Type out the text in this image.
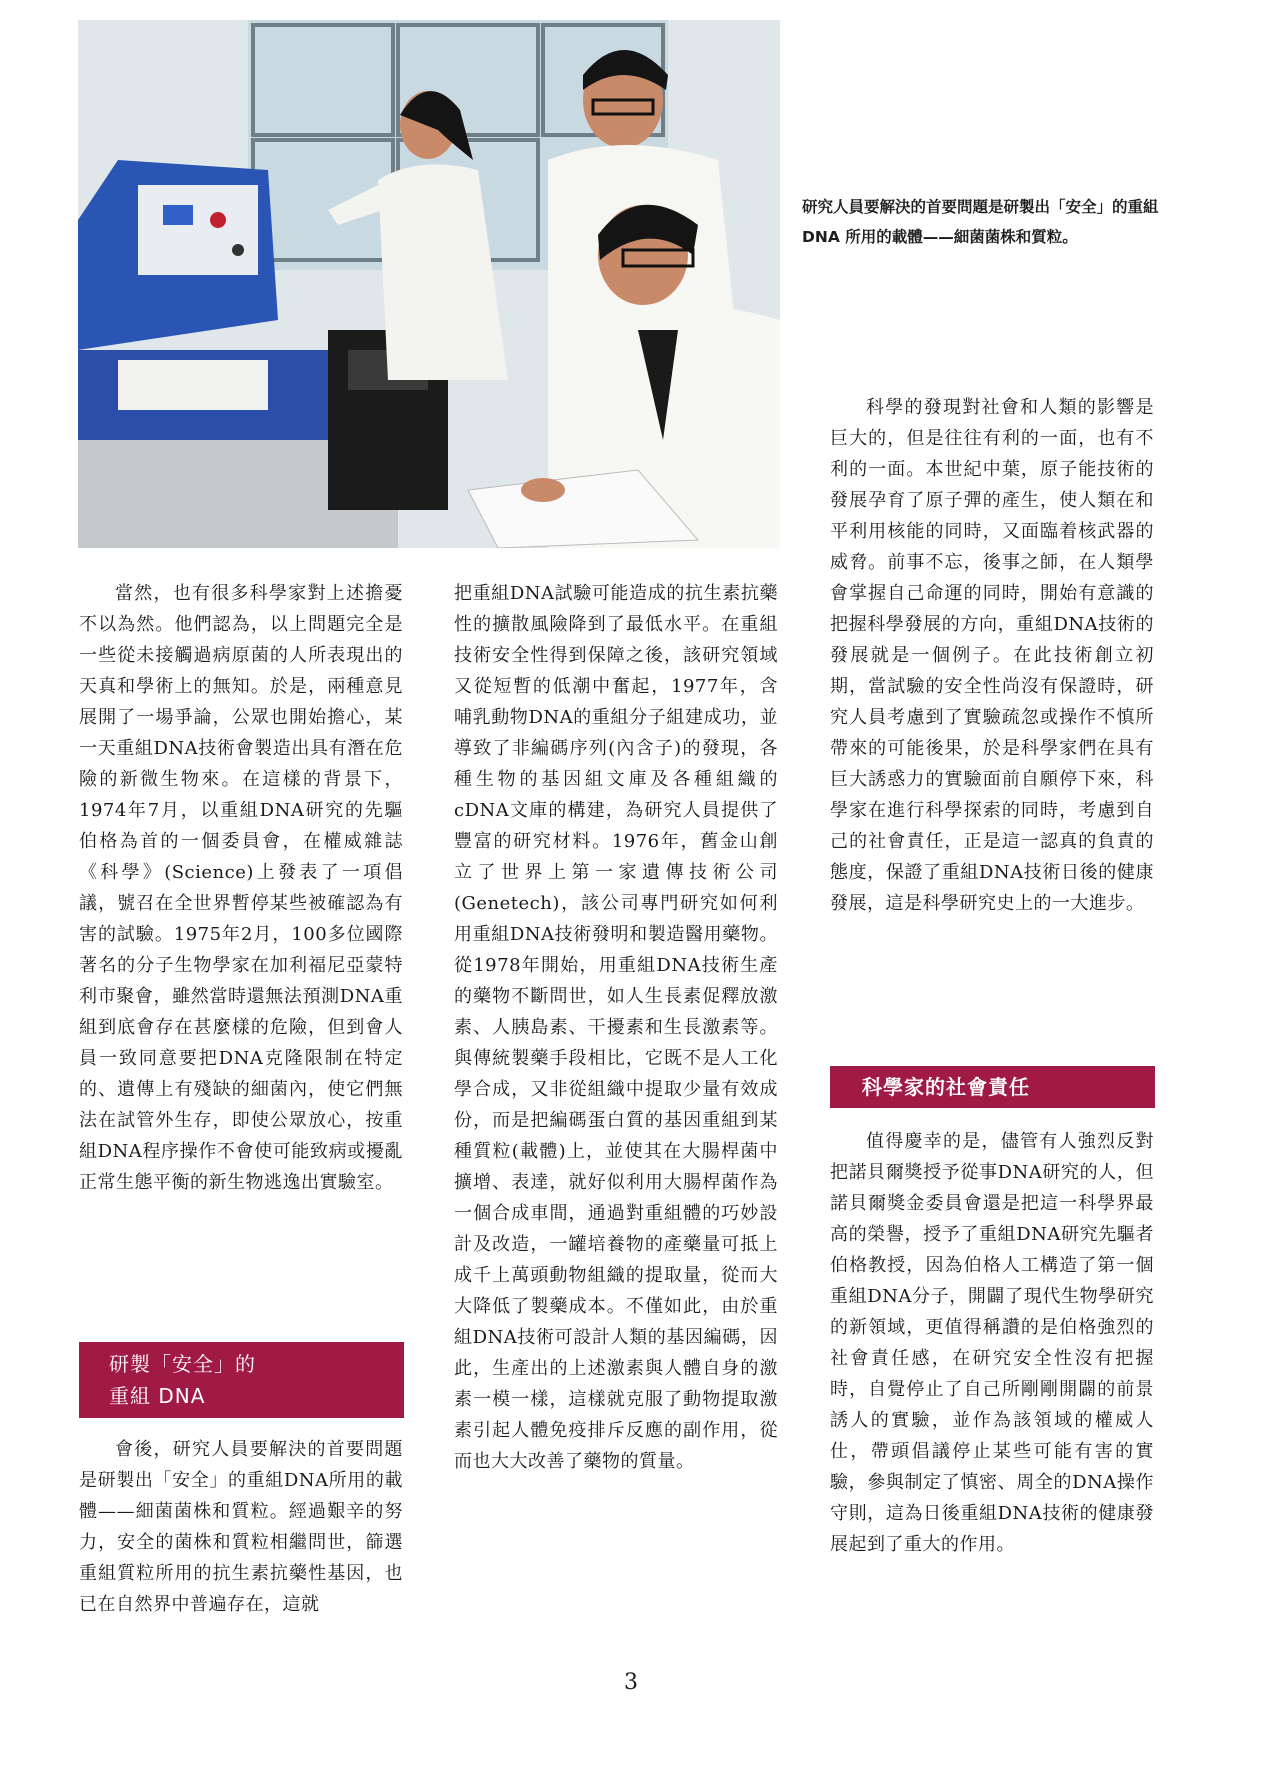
研究人員要解決的首要問題是研製出「安全」的重組 DNA 所用的載體——細菌菌株和質粒。

科學的發現對社會和人類的影響是巨大的，但是往往有利的一面，也有不利的一面。本世紀中葉，原子能技術的發展孕育了原子彈的產生，使人類在和平利用核能的同時，又面臨着核武器的威脅。前事不忘，後事之師，在人類學會掌握自己命運的同時，開始有意識的把握科學發展的方向，重組DNA技術的發展就是一個例子。在此技術創立初期，當試驗的安全性尚沒有保證時，研究人員考慮到了實驗疏忽或操作不慎所帶來的可能後果，於是科學家們在具有巨大誘惑力的實驗面前自願停下來，科學家在進行科學探索的同時，考慮到自己的社會責任，正是這一認真的負責的態度，保證了重組DNA技術日後的健康發展，這是科學研究史上的一大進步。

當然，也有很多科學家對上述擔憂不以為然。他們認為，以上問題完全是一些從未接觸過病原菌的人所表現出的天真和學術上的無知。於是，兩種意見展開了一場爭論，公眾也開始擔心，某一天重組DNA技術會製造出具有潛在危險的新微生物來。在這樣的背景下，1974年7月，以重組DNA研究的先驅伯格為首的一個委員會，在權威雜誌《科學》(Science)上發表了一項倡議，號召在全世界暫停某些被確認為有害的試驗。1975年2月，100多位國際著名的分子生物學家在加利福尼亞蒙特利市聚會，雖然當時還無法預測DNA重組到底會存在甚麼樣的危險，但到會人員一致同意要把DNA克隆限制在特定的、遺傳上有殘缺的細菌內，使它們無法在試管外生存，即使公眾放心，按重組DNA程序操作不會使可能致病或擾亂正常生態平衡的新生物逃逸出實驗室。

研製「安全」的
重組 DNA

會後，研究人員要解決的首要問題是研製出「安全」的重組DNA所用的載體——細菌菌株和質粒。經過艱辛的努力，安全的菌株和質粒相繼問世，篩選重組質粒所用的抗生素抗藥性基因，也已在自然界中普遍存在，這就

把重組DNA試驗可能造成的抗生素抗藥性的擴散風險降到了最低水平。在重組技術安全性得到保障之後，該研究領域又從短暫的低潮中奮起，1977年，含哺乳動物DNA的重組分子組建成功，並導致了非編碼序列(內含子)的發現，各種生物的基因組文庫及各種組織的cDNA文庫的構建，為研究人員提供了豐富的研究材料。1976年，舊金山創立了世界上第一家遺傳技術公司(Genetech)，該公司專門研究如何利用重組DNA技術發明和製造醫用藥物。從1978年開始，用重組DNA技術生產的藥物不斷問世，如人生長素促釋放激素、人胰島素、干擾素和生長激素等。與傳統製藥手段相比，它既不是人工化學合成，又非從組織中提取少量有效成份，而是把編碼蛋白質的基因重組到某種質粒(載體)上，並使其在大腸桿菌中擴增、表達，就好似利用大腸桿菌作為一個合成車間，通過對重組體的巧妙設計及改造，一罐培養物的產藥量可抵上成千上萬頭動物組織的提取量，從而大大降低了製藥成本。不僅如此，由於重組DNA技術可設計人類的基因編碼，因此，生產出的上述激素與人體自身的激素一模一樣，這樣就克服了動物提取激素引起人體免疫排斥反應的副作用，從而也大大改善了藥物的質量。

科學家的社會責任

值得慶幸的是，儘管有人強烈反對把諾貝爾獎授予從事DNA研究的人，但諾貝爾獎金委員會還是把這一科學界最高的榮譽，授予了重組DNA研究先驅者伯格教授，因為伯格人工構造了第一個重組DNA分子，開闢了現代生物學研究的新領域，更值得稱讚的是伯格強烈的社會責任感，在研究安全性沒有把握時，自覺停止了自己所剛剛開闢的前景誘人的實驗，並作為該領域的權威人仕，帶頭倡議停止某些可能有害的實驗，參與制定了慎密、周全的DNA操作守則，這為日後重組DNA技術的健康發展起到了重大的作用。

3
